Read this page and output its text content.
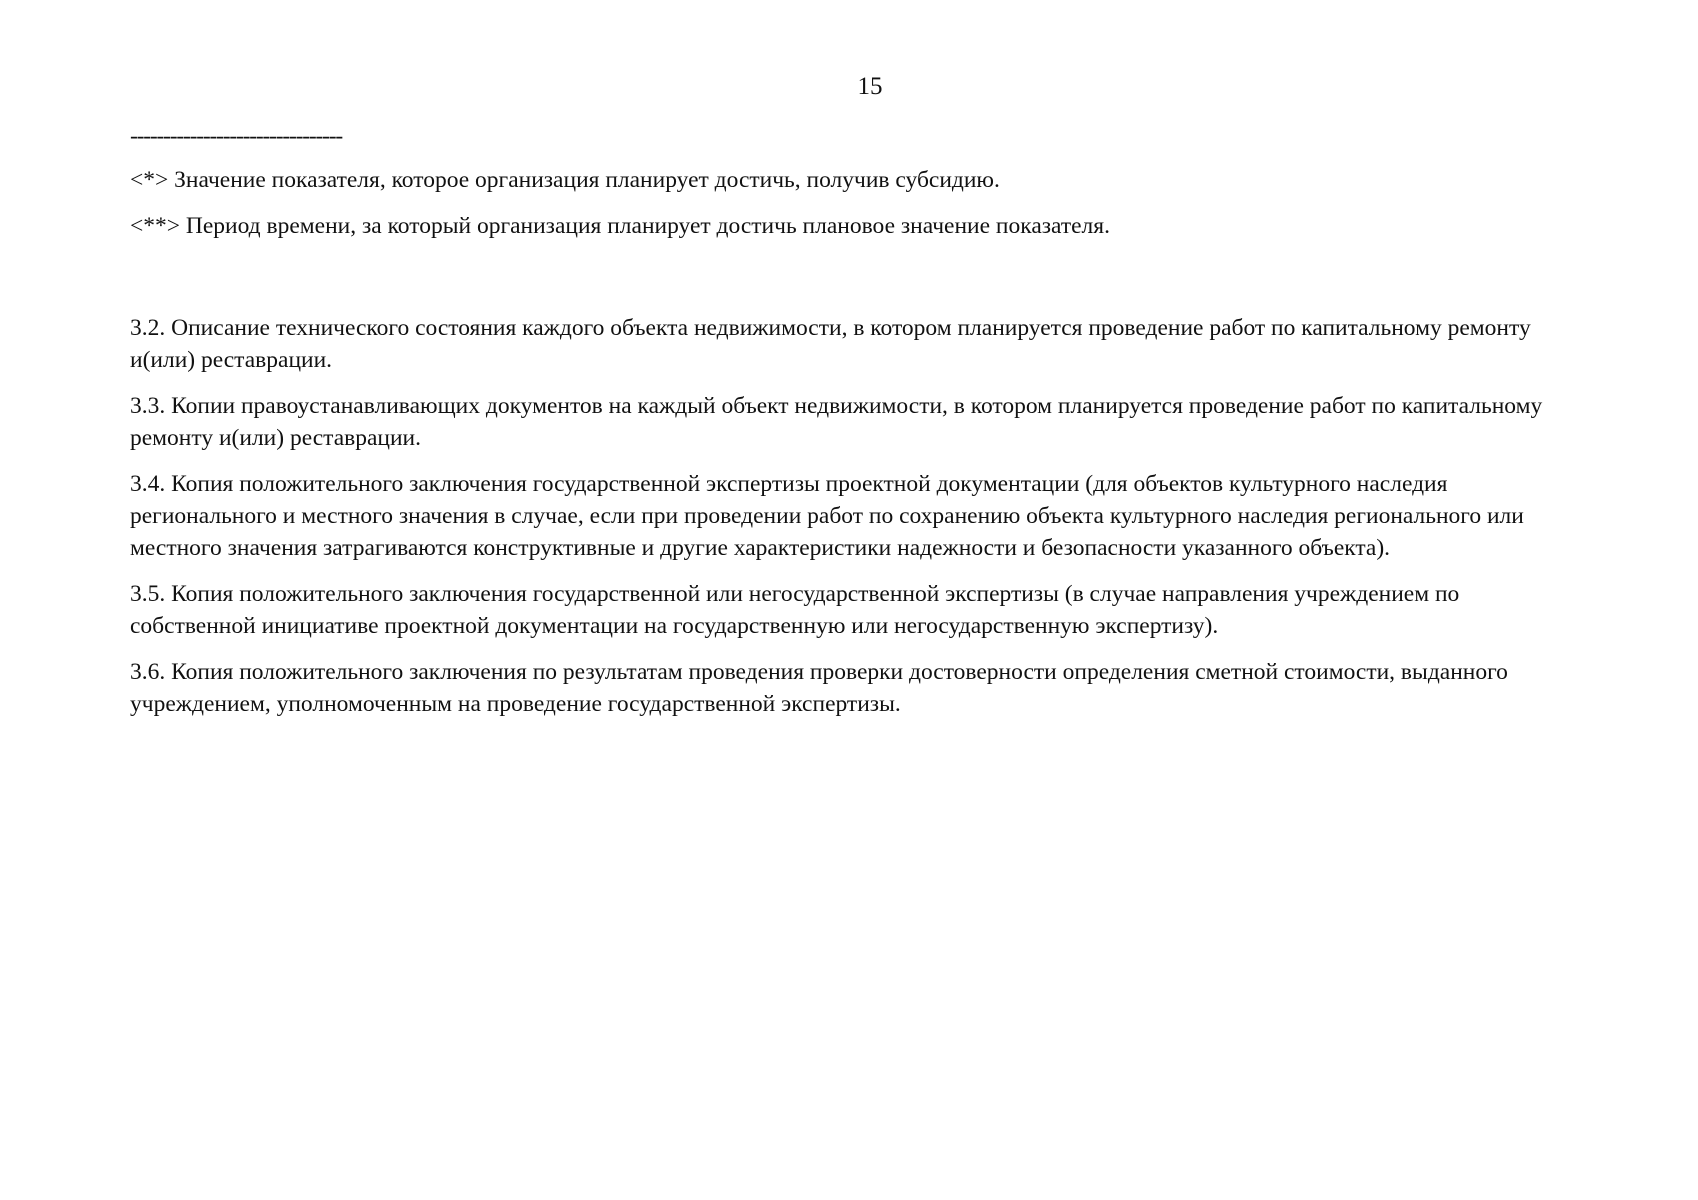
15
--------------------------------

<*> Значение показателя, которое организация планирует достичь, получив субсидию.

<**> Период времени, за который организация планирует достичь плановое значение показателя.

3.2. Описание технического состояния каждого объекта недвижимости, в котором планируется проведение работ по капитальному ремонту и(или) реставрации.

3.3. Копии правоустанавливающих документов на каждый объект недвижимости, в котором планируется проведение работ по капитальному ремонту и(или) реставрации.

3.4. Копия положительного заключения государственной экспертизы проектной документации (для объектов культурного наследия регионального и местного значения в случае, если при проведении работ по сохранению объекта культурного наследия регионального или местного значения затрагиваются конструктивные и другие характеристики надежности и безопасности указанного объекта).

3.5. Копия положительного заключения государственной или негосударственной экспертизы (в случае направления учреждением по собственной инициативе проектной документации на государственную или негосударственную экспертизу).

3.6. Копия положительного заключения по результатам проведения проверки достоверности определения сметной стоимости, выданного учреждением, уполномоченным на проведение государственной экспертизы.
